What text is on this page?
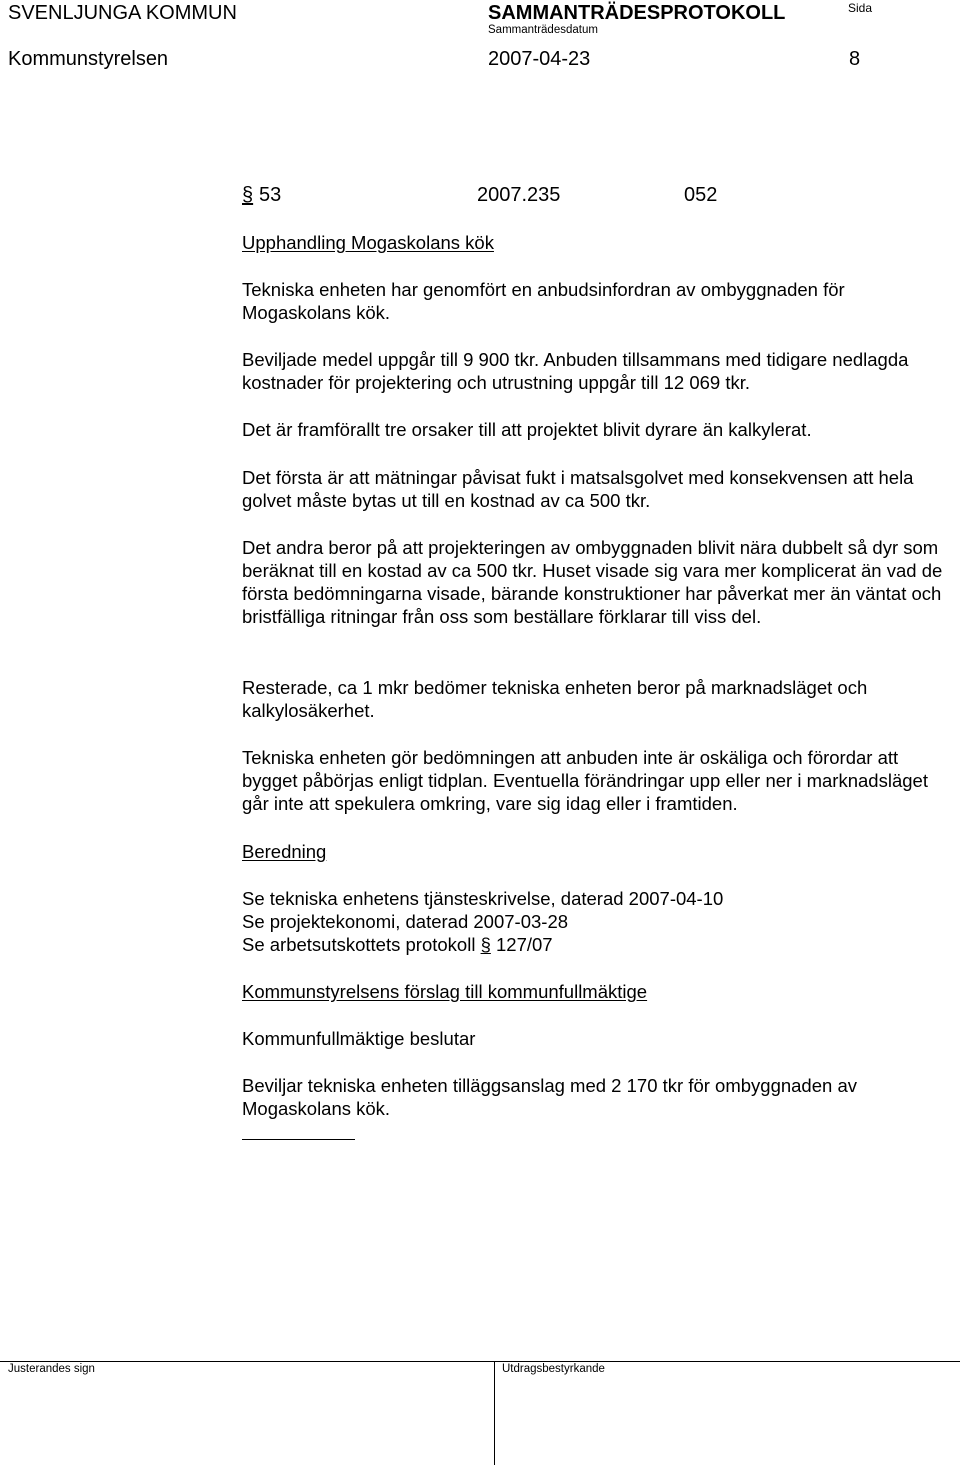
SVENLJUNGA KOMMUN	SAMMANTRÄDESPROTOKOLL	Sida
Sammanträdesdatum
Kommunstyrelsen	2007-04-23	8
§ 53	2007.235	052
Upphandling Mogaskolans kök
Tekniska enheten har genomfört en anbudsinfordran av ombyggnaden för Mogaskolans kök.
Beviljade medel uppgår till 9 900 tkr. Anbuden tillsammans med tidigare nedlagda kostnader för projektering och utrustning uppgår till 12 069 tkr.
Det är framförallt tre orsaker till att projektet blivit dyrare än kalkylerat.
Det första är att mätningar påvisat fukt i matsalsgolvet med konsekvensen att hela golvet måste bytas ut till en kostnad av ca 500 tkr.
Det andra beror på att projekteringen av ombyggnaden blivit nära dubbelt så dyr som beräknat till en kostad av ca 500 tkr. Huset visade sig vara mer komplicerat än vad de första bedömningarna visade, bärande konstruktioner har påverkat mer än väntat och bristfälliga ritningar från oss som beställare förklarar till viss del.
Resterade, ca 1 mkr bedömer tekniska enheten beror på marknadsläget och kalkylosäkerhet.
Tekniska enheten gör bedömningen att anbuden inte är oskäliga och förordar att bygget påbörjas enligt tidplan. Eventuella förändringar upp eller ner i marknadsläget går inte att spekulera omkring, vare sig idag eller i framtiden.
Beredning
Se tekniska enhetens tjänsteskrivelse, daterad 2007-04-10
Se projektekonomi, daterad 2007-03-28
Se arbetsutskottets protokoll § 127/07
Kommunstyrelsens förslag till kommunfullmäktige
Kommunfullmäktige beslutar
Beviljar tekniska enheten tilläggsanslag med 2 170 tkr för ombyggnaden av Mogaskolans kök.
Justerandes sign	Utdragsbestyrkande
